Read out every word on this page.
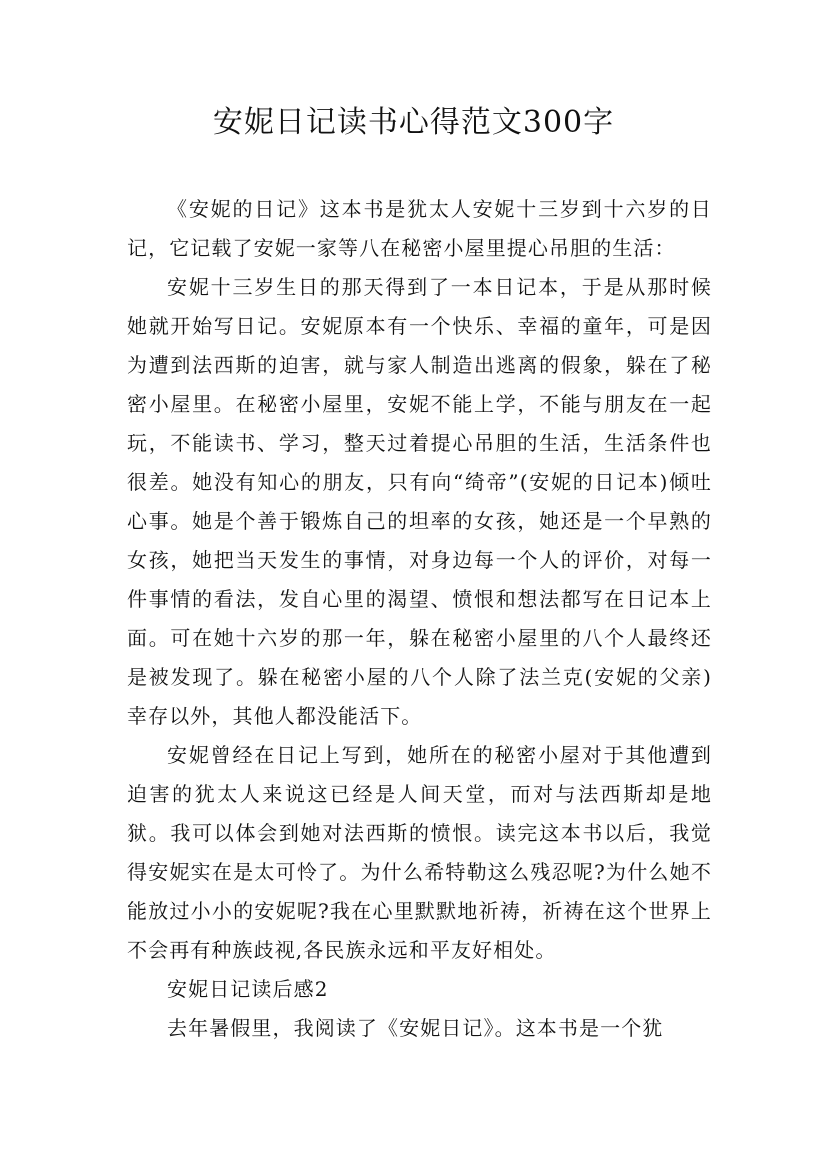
安妮日记读书心得范文300字

《安妮的日记》这本书是犹太人安妮十三岁到十六岁的日记，它记载了安妮一家等八在秘密小屋里提心吊胆的生活：

安妮十三岁生日的那天得到了一本日记本，于是从那时候她就开始写日记。安妮原本有一个快乐、幸福的童年，可是因为遭到法西斯的迫害，就与家人制造出逃离的假象，躲在了秘密小屋里。在秘密小屋里，安妮不能上学，不能与朋友在一起玩，不能读书、学习，整天过着提心吊胆的生活，生活条件也很差。她没有知心的朋友，只有向“绮帝”(安妮的日记本)倾吐心事。她是个善于锻炼自己的坦率的女孩，她还是一个早熟的女孩，她把当天发生的事情，对身边每一个人的评价，对每一件事情的看法，发自心里的渴望、愤恨和想法都写在日记本上面。可在她十六岁的那一年，躲在秘密小屋里的八个人最终还是被发现了。躲在秘密小屋的八个人除了法兰克(安妮的父亲)幸存以外，其他人都没能活下。

安妮曾经在日记上写到，她所在的秘密小屋对于其他遭到迫害的犹太人来说这已经是人间天堂，而对与法西斯却是地狱。我可以体会到她对法西斯的愤恨。读完这本书以后，我觉得安妮实在是太可怜了。为什么希特勒这么残忍呢?为什么她不能放过小小的安妮呢?我在心里默默地祈祷，祈祷在这个世界上不会再有种族歧视,各民族永远和平友好相处。

安妮日记读后感2

去年暑假里，我阅读了《安妮日记》。这本书是一个犹
